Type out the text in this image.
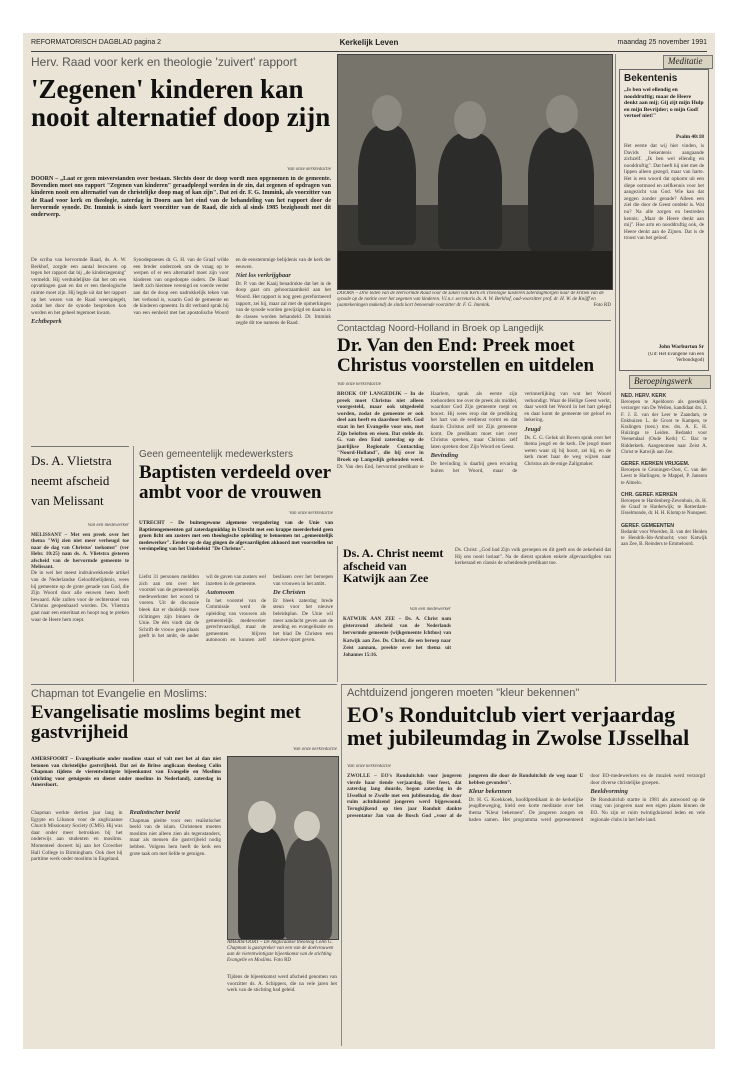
REFORMATORISCH DAGBLAD pagina 2	Kerkelijk Leven	maandag 25 november 1991
Herv. Raad voor kerk en theologie 'zuivert' rapport
'Zegenen' kinderen kan nooit alternatief doop zijn
Van onze kerkredactie
DOORN – „Laat er geen misverstanden over bestaan. Slechts door de doop wordt men opgenomen in de gemeente. Bovendien moet ons rapport "Zegenen van kinderen" geraadpleegd worden in de zin, dat zegenen of opdragen van kinderen nooit een alternatief van de christelijke doop mag of kan zijn". Dat zei dr. F. G. Immink, als voorzitter van de Raad voor kerk en theologie, zaterdag in Doorn aan het eind van de behandeling van het rapport door de hervormde synode. Dr. Immink is sinds kort voorzitter van de Raad, die zich al sinds 1985 bezighoudt met dit onderwerp.
De scriba van hervormde Raad, ds. A. W. Berkhof, zorgde een aantal bezwaren op tegen het rapport dat bij „de kinderzegening" vermeldt. Hij verduidelijkte dat het om een opvattingen gaat en dat er een theologische ruimte moet zijn. Hij legde uit dat het rapport op het wezen van de Raad weerspiegelt, zodat het door de synode besproken kon worden en het geheel tegemoet kwam.
Echtbeperk
Synodepraeses dr. G. H. van de Graaf wilde een breder onderzoek om de vraag op te werpen of er een alternatief moet zijn voor kinderen van ongedoopte ouders. De Raad heeft zich hiermee verenigd en voerde verder aan dat de doop een nadrukkelijk teken van het verbond is, waarin God de gemeente en de kinderen opneemt. In dit verband sprak hij van een eenheid met het apostolische Woord en de eenstemmige belijdenis van de kerk der eeuwen.
Niet los verkrijgbaar
Dr. P. van der Kaaij benadrukte dat het in de doop gaat om gehoorzaamheid aan het Woord. Het rapport is nog geen gereformeerd rapport, zei hij, maar zal met de opmerkingen van de synode worden gewijzigd en daarna in de classes worden behandeld. Dr. Immink zegde dit toe namens de Raad.
DOORN – Drie leden van de Hervormde Raad voor de zaken van Kerk en Theologie luisteren zaterdagmorgen naar de kritiek van de synode op de notitie over het zegenen van kinderen. V.l.n.r. secretaris ds. A. W. Berkhof, oud-voorzitter prof. dr. H. W. de Knijff en (aantekeningen makend) de sinds kort benoemde voorzitter dr. F. G. Immink.	Foto RD
Contactdag Noord-Holland in Broek op Langedijk
Dr. Van den End: Preek moet Christus voorstellen en uitdelen
Van onze kerkredactie
BROEK OP LANGEDIJK – In de preek moet Christus niet alleen voorgesteld, maar ook uitgedeeld worden, zodat de gemeente er ook deel aan heeft en daardoor leeft. God staat in het Evangelie voor ons, met Zijn beloften en eisen. Dat stelde dr. G. van den End zaterdag op de jaarlijkse Regionale Contactdag "Noord-Holland", die hij over in Broek op Langedijk gehouden werd. Dr. Van den End, hervormd predikant te Haarlem, sprak als eerste zijn toehoorders toe over de preek als middel, waardoor God Zijn gemeente roept en bouwt. Hij wees erop dat de prediking het hart van de eredienst vormt en dat daarin Christus zelf tot Zijn gemeente komt. De predikant moet niet over Christus spreken, maar Christus zelf laten spreken door Zijn Woord en Geest.
Bevinding
De bevinding is daarbij geen ervaring buiten het Woord, maar de verinnerlijking van wat het Woord verkondigt. Waar de Heilige Geest werkt, daar wordt het Woord in het hart gelegd en daar komt de gemeente tot geloof en bekering.
Jeugd
Ds. C. G. Geluk uit Boven sprak over het thema jeugd en de kerk. De jeugd moet weten waar zij bij hoort, zei hij, en de kerk moet haar de weg wijzen naar Christus als de enige Zaligmaker.
Ds. A. Vlietstra neemt afscheid van Melissant
Van een medewerker
MELISSANT – Met een preek over het thema "Wij zien niet meer verheugd toe naar de dag van Christus' toekomst" (ver Hebr. 10:25) nam ds. A. Vlietstra gisteren afscheid van de hervormde gemeente te Melissant.
De in wel het meest indrukwekkende artikel van de Nederlandse Geloofsbelijdenis, wees hij gemeente op de grote genade van God, die Zijn Woord door alle eeuwen heen heeft bewaard. Alle zullen voor de rechterstoel van Christus geopenbaard worden. Ds. Vlietstra gaat naar een emeritaat en hoopt nog te preken waar de Heere hem roept.
Geen gemeentelijk medewerksters
Baptisten verdeeld over ambt voor de vrouwen
Van onze kerkredactie
UTRECHT – De buitengewone algemene vergadering van de Unie van Baptistengemeenten gaf zaterdagmiddag in Utrecht met een krappe meerderheid geen groen licht om zusters met een theologische opleiding te benoemen tot „gemeentelijk medewerker". Eerder op de dag gingen de afgevaardigden akkoord met voorstellen tot versimpeling van het Uniebeleid "De Christus".
Liefst 31 personen meldden zich aan om over het voorstel van de gemeentelijk medewerkster het woord te voeren. Uit de discussie bleek dat er duidelijk twee richtingen zijn binnen de Unie. De één vindt dat de Schrift de vrouw geen plaats geeft in het ambt, de ander wil de gaven van zusters wel inzetten in de gemeente.
Autonoom
In het voorstel van de Commissie werd de opleiding van vrouwen als gemeentelijk medewerker gerechtvaardigd, maar de gemeenten blijven autonoom en kunnen zelf beslissen over het beroepen van vrouwen in het ambt.
De Christen
Er bleek zaterdag brede steun voor het nieuwe beleidsplan. De Unie wil meer aandacht geven aan de zending en evangelisatie en het blad De Christen een nieuwe opzet geven.
Ds. A. Christ neemt afscheid van Katwijk aan Zee
Van een medewerker
KATWIJK AAN ZEE – Ds. A. Christ nam gisteravond afscheid van de Nederlands hervormde gemeente (wijkgemeente Ichthus) van Katwijk aan Zee. Ds. Christ, die een beroep naar Zeist aannam, preekte over het thema uit Johannes 15:16.
Ds. Christ: „God had Zijn volk geroepen en dit geeft ons de zekerheid dat Hij ons nooit loslaat". Na de dienst spraken enkele afgevaardigden van kerkeraad en classis de scheidende predikant toe.
Chapman tot Evangelie en Moslims:
Evangelisatie moslims begint met gastvrijheid
Van onze kerkredactie
AMERSFOORT – Evangelisatie onder moslims staat of valt met het al dan niet betonen van christelijke gastvrijheid. Dat zei de Britse anglicaan theoloog Colin Chapman tijdens de vierentwintigste bijeenkomst van Evangelie en Moslims (stichting voor getuigenis en dienst onder moslims in Nederland), zaterdag in Amersfoort.
Chapman werkte dertien jaar lang in Egypte en Libanon voor de anglicaanse Church Missionary Society (CMS). Hij was daar onder meer betrokken bij het onderwijs aan studenten en moslims. Momenteel doceert hij aan het Crowther Hall College in Birmingham. Ook doet hij parttime werk onder moslims in Engeland.
Realistischer beeld
Chapman pleitte voor een realistischer beeld van de islam. Christenen moeten moslims niet alleen zien als tegenstanders, maar als mensen die gastvrijheid nodig hebben. Volgens hem heeft de kerk een grote taak om met liefde te getuigen.
AMERSFOORT – De Anglicaanse theoloog Colin G. Chapman is gastspreker van een van de doelvrouwen aan de vierentwintigste bijeenkomst van de stichting Evangelie en Moslims. Foto RD
Tijdens de bijeenkomst werd afscheid genomen van voorzitter ds. A. Schippers, die na vele jaren het werk van de stichting had geleid.
Achtduizend jongeren moeten "kleur bekennen"
EO's Ronduitclub viert verjaardag met jubileumdag in Zwolse IJsselhal
Van onze kerkredactie
ZWOLLE – EO's Ronduitclub voor jongeren vierde haar tiende verjaardag. Het feest, dat zaterdag lang duurde, begon zaterdag in de IJsselhal te Zwolle met een jubileumdag, die door ruim achtduizend jongeren werd bijgewoond. Terugkijkend op tien jaar Ronduit dankte presentator Jan van de Bosch God „voor al de jongeren die door de Ronduitclub de weg naar U hebben gevonden".
Kleur bekennen
Dr. H. G. Koekkoek, hoofdpredikant in de kerkelijke jeugdbeweging, hield een korte meditatie over het thema "Kleur bekennen". De jongeren zongen en baden samen. Het programma werd gepresenteerd door EO-medewerkers en de muziek werd verzorgd door diverse christelijke groepen.
Beeldvorming
De Ronduitclub startte in 1981 als antwoord op de vraag van jongeren naar een eigen plaats binnen de EO. Nu zijn er ruim twintigduizend leden en vele regionale clubs in het hele land.
Meditatie
Bekentenis
„Is ben wel ellendig en nooddruftig; maar de Heere denkt aan mij; Gij zijt mijn Hulp en mijn Bevrijder; o mijn God! vertoef niet!"
Psalm 40:18
Het eerste dat wij hier vinden, is Davids bekentenis aangaande zichzelf. „Ik ben wel ellendig en nooddruftig". Dat heeft hij niet met de lippen alleen gezegd, maar van harte. Het is een woord dat opkomt uit een diepe ootmoed en zelfkennis voor het aangezicht van God. Wie kan dat zeggen zonder genade? Alleen een ziel die door de Geest ontdekt is. Wat nu? Na alle zorgen en bestreden kennis: „Maar de Heere denkt aan mij". Hoe arm en nooddruftig ook, de Heere denkt aan de Zijnen. Dat is de troost van het geloof.
John Warburton Sr
(Uit: Het Evangelie van een Verbondsgod)
Beroepingswerk
NED. HERV. KERK
Beroepen te Apeldoorn als geestelijk verzorger van De Weilen, kandidaat drs. J. F. J. E. van der Leer te Zaandam, te Enkhuizen L. de Groot te Kampen, te Kralingen (toez.) mw. drs. A. E. H. Huizinga te Leiden. Bedankt voor Veenendaal (Oude Kerk) C. Bac te Ridderkerk. Aangenomen naar Zeist A. Christ te Katwijk aan Zee.
GEREF. KERKEN VRIJGEM.
Beroepen te Groningen-Oost, C. van der Leest te Harlingen; te Mappel, P. Janssen te Almelo.
CHR. GEREF. KERKEN
Beroepen te Hardenberg-Zevenhuis, ds. H. de Graaf te Harderwijk; te Rotterdam-IJsselmonde, dr. H. H. Klomp te Nunspeet.
GEREF. GEMEENTEN
Bedankt voor Woerden, B. van der Heiden te Hendrik-Ido-Ambacht; voor Katwijk aan Zee, B. Reinders te Emmeloord.
